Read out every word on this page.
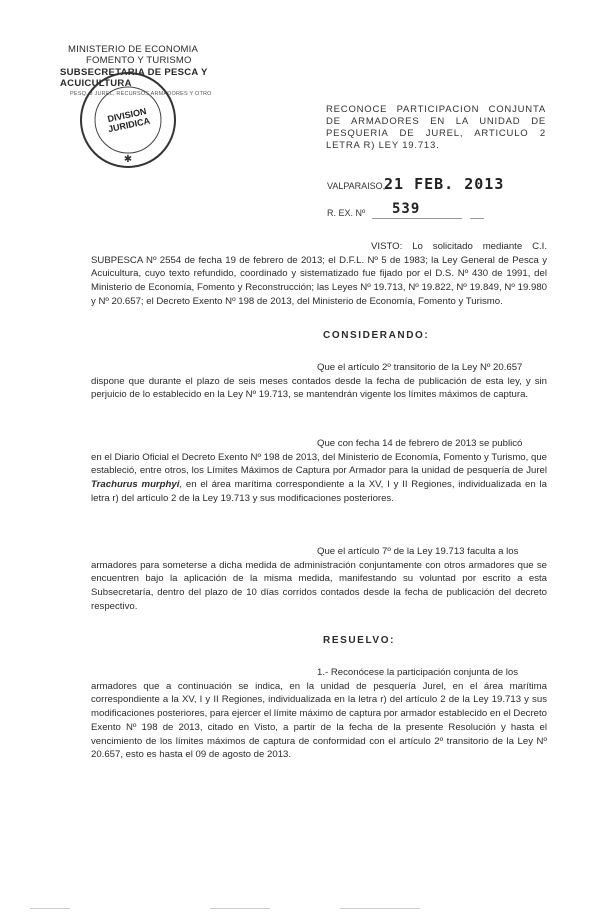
MINISTERIO DE ECONOMIA
FOMENTO Y TURISMO
SUBSECRETARIA DE PESCA Y ACUICULTURA
PESQ. 3 JUREL, RECURSOS ARMADORES Y OTRO
✱
DIVISION JURIDICA
RECONOCE PARTICIPACION CONJUNTA DE ARMADORES EN LA UNIDAD DE PESQUERIA DE JUREL, ARTICULO 2 LETRA R) LEY 19.713.
VALPARAISO,
21 FEB. 2013
R. EX. Nº 539

VISTO: Lo solicitado mediante C.I. SUBPESCA Nº 2554 de fecha 19 de febrero de 2013; el D.F.L. Nº 5 de 1983; la Ley General de Pesca y Acuicultura, cuyo texto refundido, coordinado y sistematizado fue fijado por el D.S. Nº 430 de 1991, del Ministerio de Economía, Fomento y Reconstrucción; las Leyes Nº 19.713, Nº 19.822, Nº 19.849, Nº 19.980 y Nº 20.657; el Decreto Exento Nº 198 de 2013, del Ministerio de Economía, Fomento y Turismo.

CONSIDERANDO:

Que el artículo 2º transitorio de la Ley Nº 20.657

dispone que durante el plazo de seis meses contados desde la fecha de publicación de esta ley, y sin perjuicio de lo establecido en la Ley Nº 19.713, se mantendrán vigente los límites máximos de captura.

Que con fecha 14 de febrero de 2013 se publicó

en el Diario Oficial el Decreto Exento Nº 198 de 2013, del Ministerio de Economía, Fomento y Turismo, que estableció, entre otros, los Límites Máximos de Captura por Armador para la unidad de pesquería de Jurel Trachurus murphyi, en el área marítima correspondiente a la XV, I y II Regiones, individualizada en la letra r) del artículo 2 de la Ley 19.713 y sus modificaciones posteriores.

Que el artículo 7º de la Ley 19.713 faculta a los

armadores para someterse a dicha medida de administración conjuntamente con otros armadores que se encuentren bajo la aplicación de la misma medida, manifestando su voluntad por escrito a esta Subsecretaría, dentro del plazo de 10 días corridos contados desde la fecha de publicación del decreto respectivo.

RESUELVO:

1.- Reconócese la participación conjunta de los

armadores que a continuación se indica, en la unidad de pesquería Jurel, en el área marítima correspondiente a la XV, I y II Regiones, individualizada en la letra r) del artículo 2 de la Ley 19.713 y sus modificaciones posteriores, para ejercer el límite máximo de captura por armador establecido en el Decreto Exento Nº 198 de 2013, citado en Visto, a partir de la fecha de la presente Resolución y hasta el vencimiento de los límites máximos de captura de conformidad con el artículo 2º transitorio de la Ley Nº 20.657, esto es hasta el 09 de agosto de 2013.
